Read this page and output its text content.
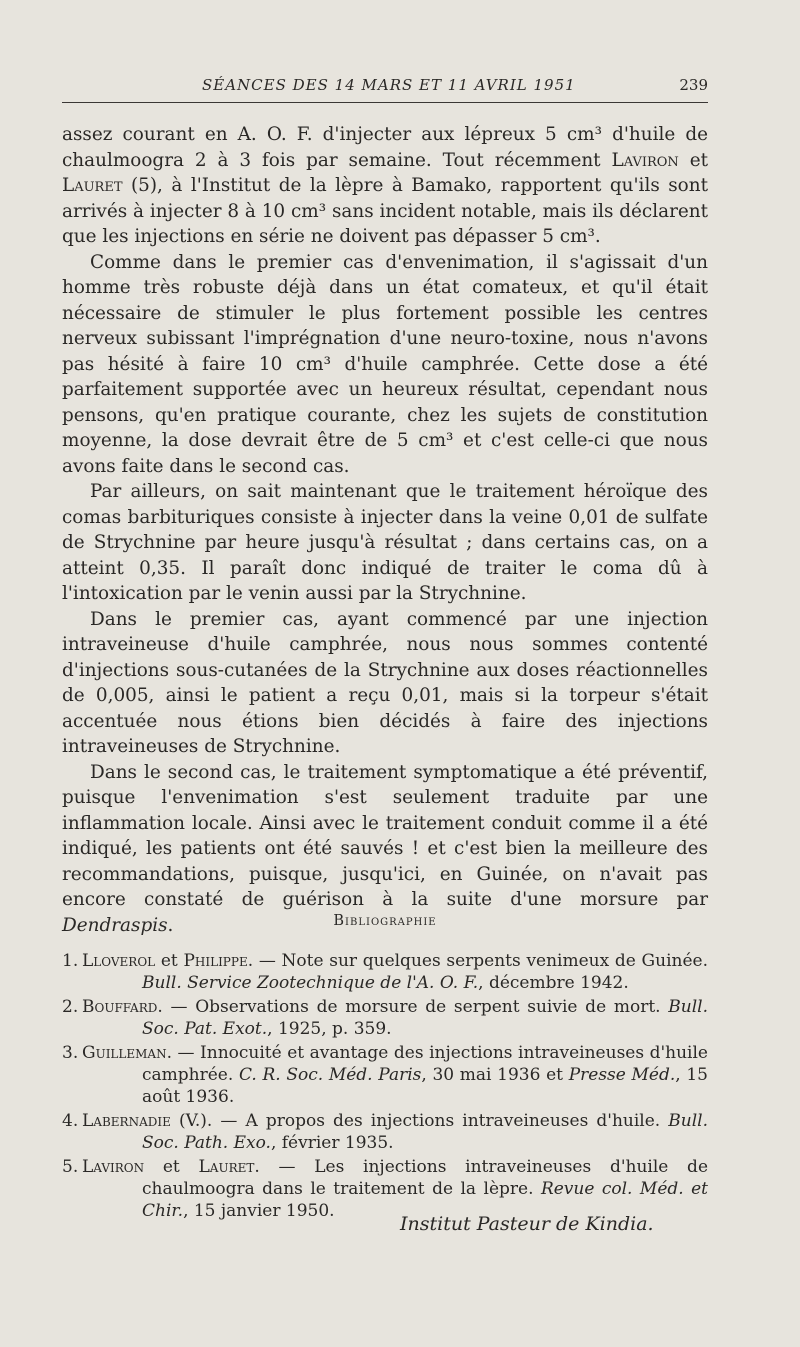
SÉANCES DES 14 MARS ET 11 AVRIL 1951	239

assez courant en A. O. F. d'injecter aux lépreux 5 cm³ d'huile de chaulmoogra 2 à 3 fois par semaine. Tout récemment Laviron et Lauret (5), à l'Institut de la lèpre à Bamako, rapportent qu'ils sont arrivés à injecter 8 à 10 cm³ sans incident notable, mais ils déclarent que les injections en série ne doivent pas dépasser 5 cm³.

Comme dans le premier cas d'envenimation, il s'agissait d'un homme très robuste déjà dans un état comateux, et qu'il était nécessaire de stimuler le plus fortement possible les centres nerveux subissant l'imprégnation d'une neuro-toxine, nous n'avons pas hésité à faire 10 cm³ d'huile camphrée. Cette dose a été parfaitement supportée avec un heureux résultat, cependant nous pensons, qu'en pratique courante, chez les sujets de constitution moyenne, la dose devrait être de 5 cm³ et c'est celle-ci que nous avons faite dans le second cas.

Par ailleurs, on sait maintenant que le traitement héroïque des comas barbituriques consiste à injecter dans la veine 0,01 de sulfate de Strychnine par heure jusqu'à résultat ; dans certains cas, on a atteint 0,35. Il paraît donc indiqué de traiter le coma dû à l'intoxication par le venin aussi par la Strychnine.

Dans le premier cas, ayant commencé par une injection intraveineuse d'huile camphrée, nous nous sommes contenté d'injections sous-cutanées de la Strychnine aux doses réactionnelles de 0,005, ainsi le patient a reçu 0,01, mais si la torpeur s'était accentuée nous étions bien décidés à faire des injections intraveineuses de Strychnine.

Dans le second cas, le traitement symptomatique a été préventif, puisque l'envenimation s'est seulement traduite par une inflammation locale. Ainsi avec le traitement conduit comme il a été indiqué, les patients ont été sauvés ! et c'est bien la meilleure des recommandations, puisque, jusqu'ici, en Guinée, on n'avait pas encore constaté de guérison à la suite d'une morsure par Dendraspis.	Bibliographie
1. Lloverol et Philippe. — Note sur quelques serpents venimeux de Guinée. Bull. Service Zootechnique de l'A. O. F., décembre 1942.
2. Bouffard. — Observations de morsure de serpent suivie de mort. Bull. Soc. Pat. Exot., 1925, p. 359.
3. Guilleman. — Innocuité et avantage des injections intraveineuses d'huile camphrée. C. R. Soc. Méd. Paris, 30 mai 1936 et Presse Méd., 15 août 1936.
4. Labernadie (V.). — A propos des injections intraveineuses d'huile. Bull. Soc. Path. Exo., février 1935.
5. Laviron et Lauret. — Les injections intraveineuses d'huile de chaulmoogra dans le traitement de la lèpre. Revue col. Méd. et Chir., 15 janvier 1950.
Institut Pasteur de Kindia.
